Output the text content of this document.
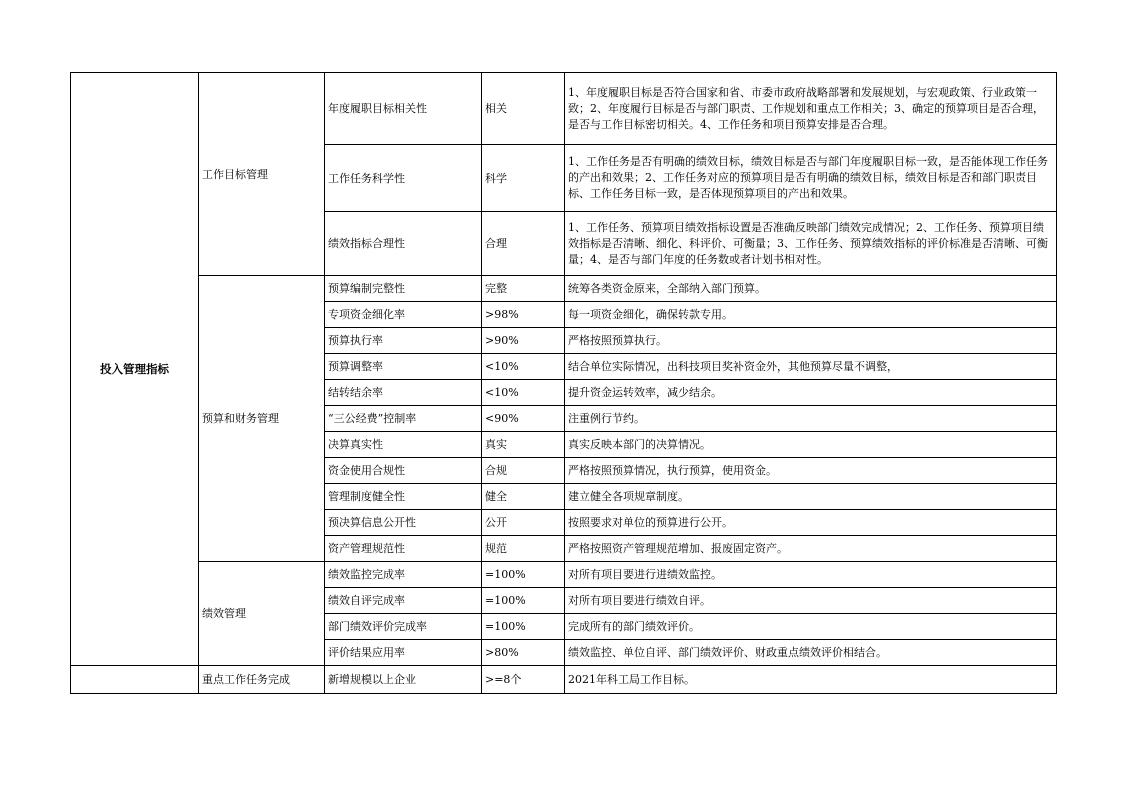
投入管理指标	工作目标管理	年度履职目标相关性	相关	1、年度履职目标是否符合国家和省、市委市政府战略部署和发展规划，与宏观政策、行业政策一致；2、年度履行目标是否与部门职责、工作规划和重点工作相关；3、确定的预算项目是否合理，是否与工作目标密切相关。4、工作任务和项目预算安排是否合理。
		工作任务科学性	科学	1、工作任务是否有明确的绩效目标，绩效目标是否与部门年度履职目标一致，是否能体现工作任务的产出和效果；2、工作任务对应的预算项目是否有明确的绩效目标，绩效目标是否和部门职责目标、工作任务目标一致，是否体现预算项目的产出和效果。
		绩效指标合理性	合理	1、工作任务、预算项目绩效指标设置是否准确反映部门绩效完成情况；2、工作任务、预算项目绩效指标是否清晰、细化、科评价、可衡量；3、工作任务、预算绩效指标的评价标准是否清晰、可衡量；4、是否与部门年度的任务数或者计划书相对性。
	预算和财务管理	预算编制完整性	完整	统筹各类资金原来，全部纳入部门预算。
		专项资金细化率	>98%	每一项资金细化，确保转款专用。
		预算执行率	>90%	严格按照预算执行。
		预算调整率	<10%	结合单位实际情况，出科技项目奖补资金外，其他预算尽量不调整，
		结转结余率	<10%	提升资金运转效率，减少结余。
		“三公经费”控制率	<90%	注重例行节约。
		决算真实性	真实	真实反映本部门的决算情况。
		资金使用合规性	合规	严格按照预算情况，执行预算，使用资金。
		管理制度健全性	健全	建立健全各项规章制度。
		预决算信息公开性	公开	按照要求对单位的预算进行公开。
		资产管理规范性	规范	严格按照资产管理规范增加、报废固定资产。
	绩效管理	绩效监控完成率	=100%	对所有项目要进行进绩效监控。
		绩效自评完成率	=100%	对所有项目要进行绩效自评。
		部门绩效评价完成率	=100%	完成所有的部门绩效评价。
		评价结果应用率	>80%	绩效监控、单位自评、部门绩效评价、财政重点绩效评价相结合。
	重点工作任务完成	新增规模以上企业	>=8个	2021年科工局工作目标。
